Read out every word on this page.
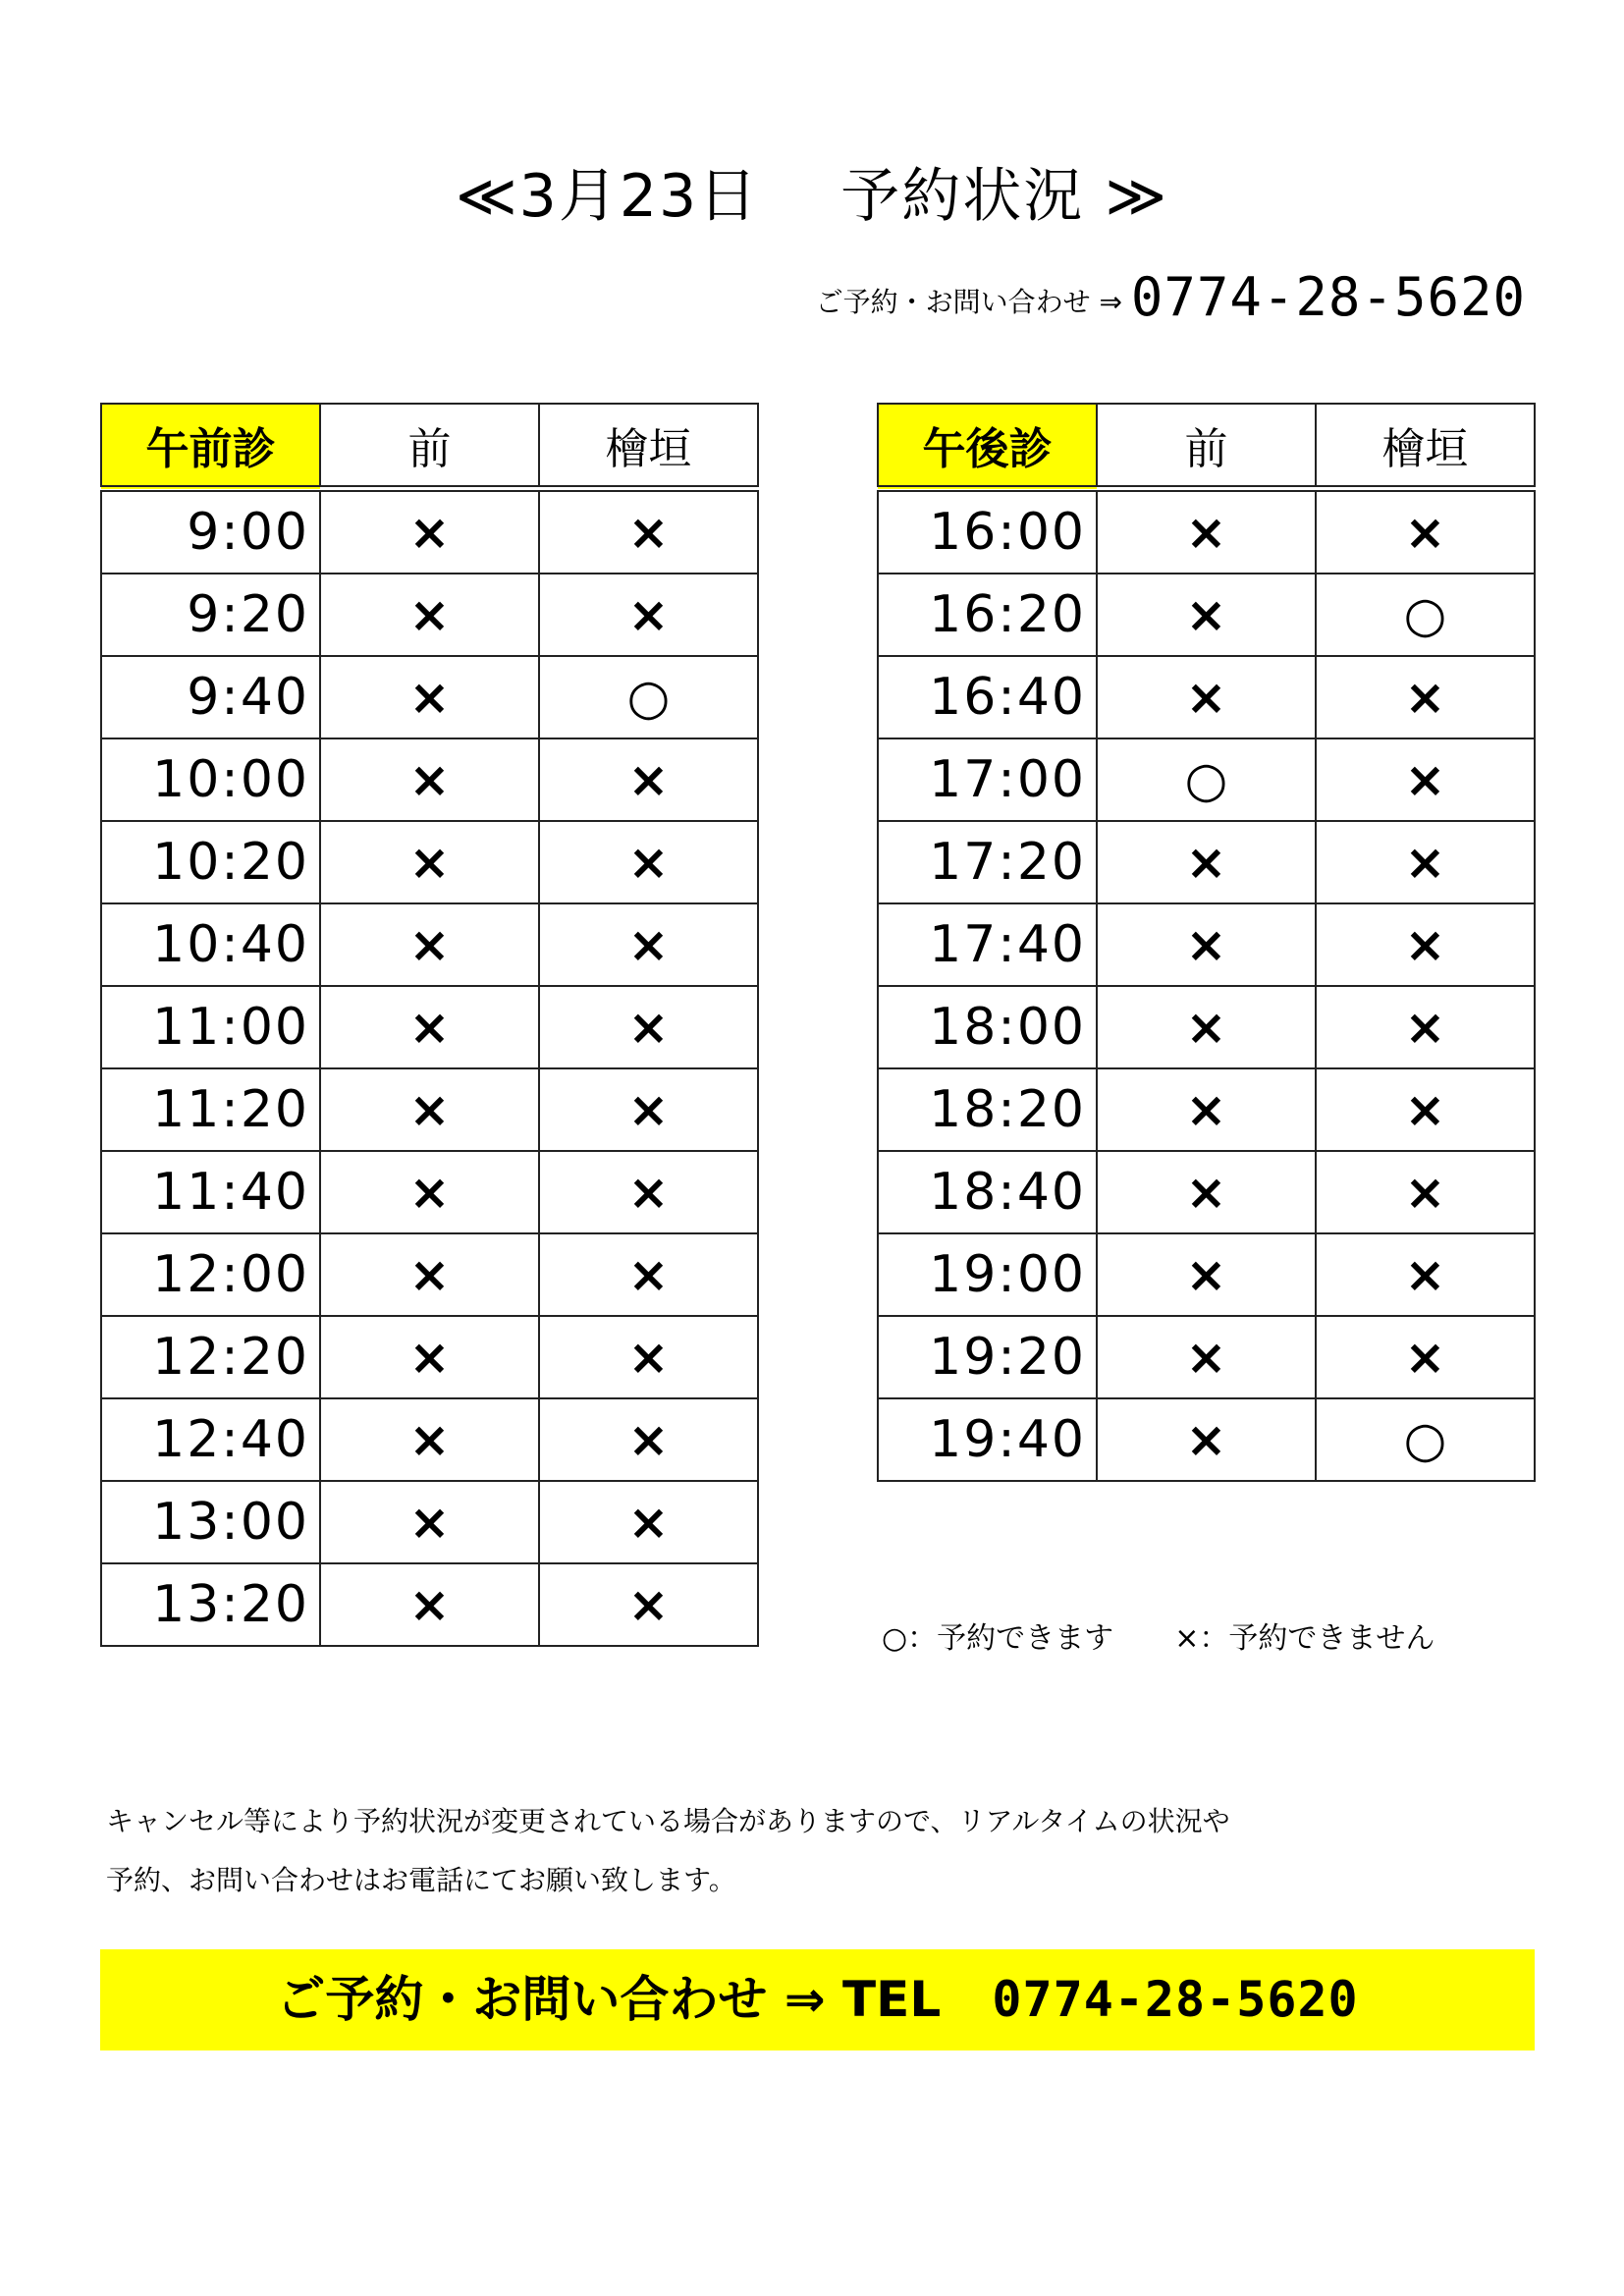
≪3月23日　 予約状況 ≫
ご予約・お問い合わせ ⇒ 0774-28-5620
午前診	前	檜垣
9:00	×	×
9:20	×	×
9:40	×	○
10:00	×	×
10:20	×	×
10:40	×	×
11:00	×	×
11:20	×	×
11:40	×	×
12:00	×	×
12:20	×	×
12:40	×	×
13:00	×	×
13:20	×	×
午後診	前	檜垣
16:00	×	×
16:20	×	○
16:40	×	×
17:00	○	×
17:20	×	×
17:40	×	×
18:00	×	×
18:20	×	×
18:40	×	×
19:00	×	×
19:20	×	×
19:40	×	○
○：予約できます ×：予約できません

キャンセル等により予約状況が変更されている場合がありますので、リアルタイムの状況や

予約、お問い合わせはお電話にてお願い致します。

ご予約・お問い合わせ ⇒ TEL 0774-28-5620
